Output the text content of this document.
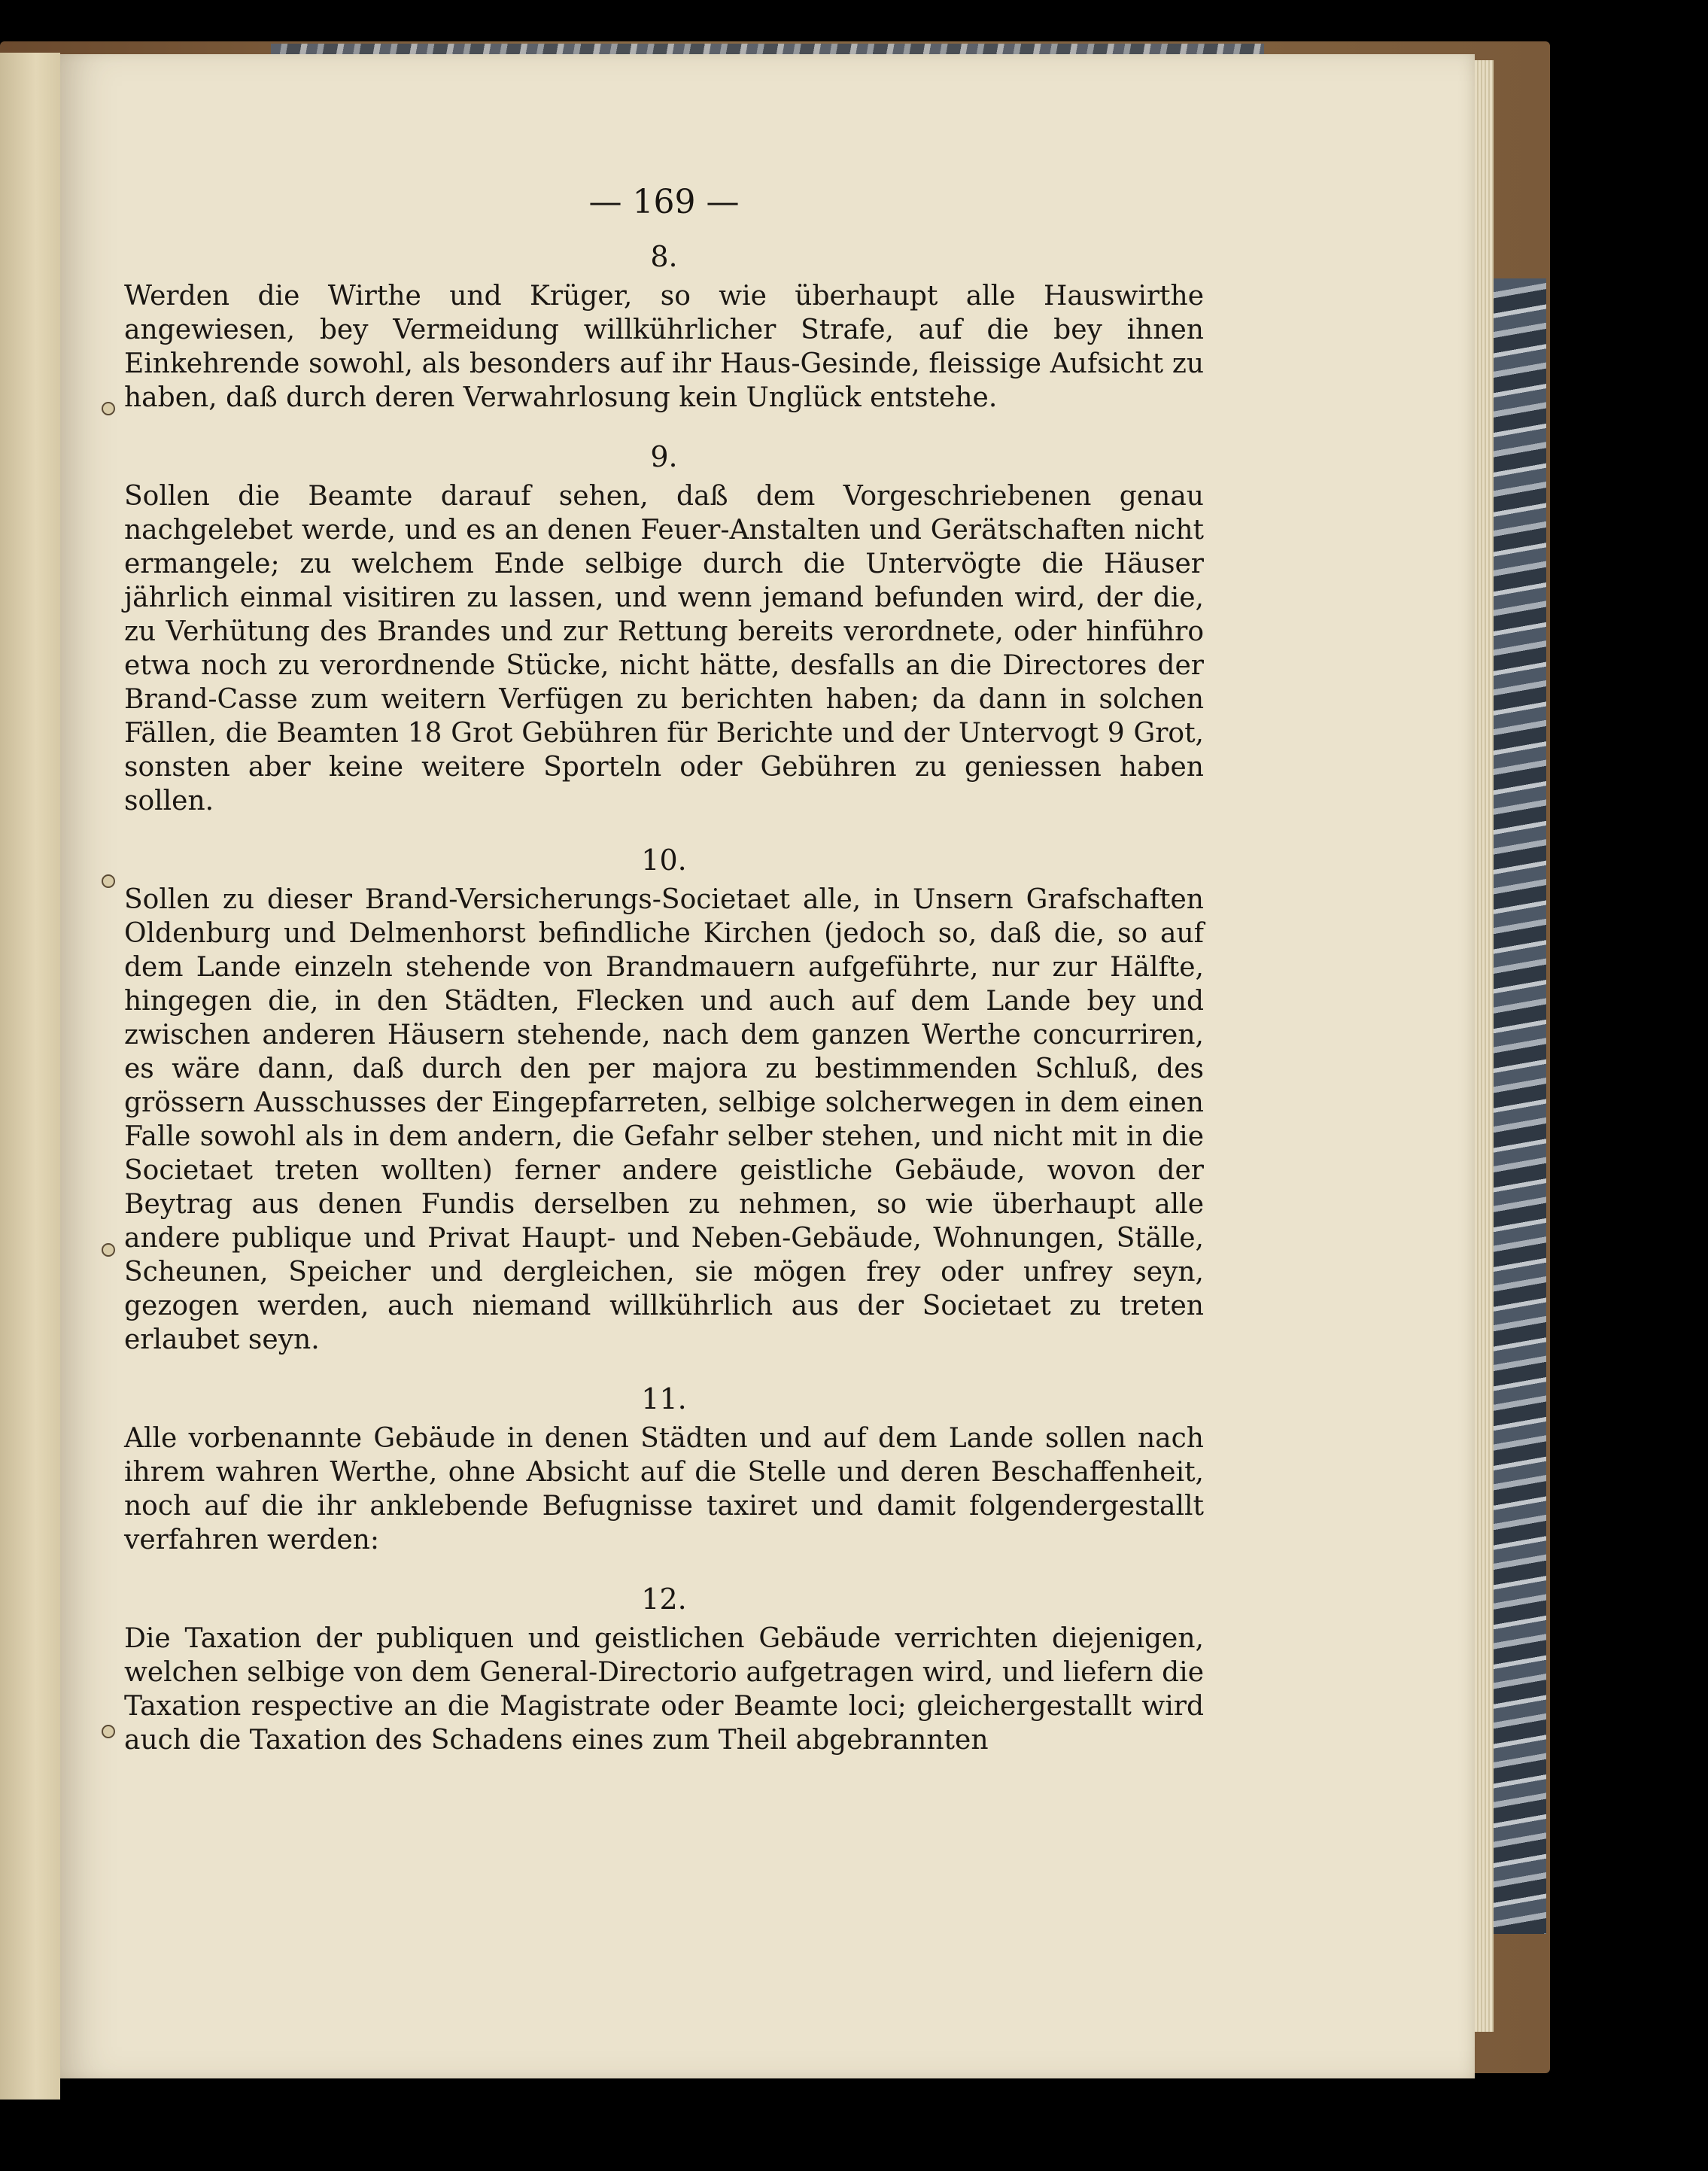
— 169 —
8.

Werden die Wirthe und Krüger, so wie überhaupt alle Hauswirthe angewiesen, bey Vermeidung willkührlicher Strafe, auf die bey ihnen Einkehrende sowohl, als besonders auf ihr Haus-Gesinde, fleissige Aufsicht zu haben, daß durch deren Verwahrlosung kein Unglück entstehe.

9.

Sollen die Beamte darauf sehen, daß dem Vorgeschriebenen genau nachgelebet werde, und es an denen Feuer-Anstalten und Gerätschaften nicht ermangele; zu welchem Ende selbige durch die Untervögte die Häuser jährlich einmal visitiren zu lassen, und wenn jemand befunden wird, der die, zu Verhütung des Brandes und zur Rettung bereits verordnete, oder hinführo etwa noch zu verordnende Stücke, nicht hätte, desfalls an die Directores der Brand-Casse zum weitern Verfügen zu berichten haben; da dann in solchen Fällen, die Beamten 18 Grot Gebühren für Berichte und der Untervogt 9 Grot, sonsten aber keine weitere Sporteln oder Gebühren zu geniessen haben sollen.

10.

Sollen zu dieser Brand-Versicherungs-Societaet alle, in Unsern Grafschaften Oldenburg und Delmenhorst befindliche Kirchen (jedoch so, daß die, so auf dem Lande einzeln stehende von Brandmauern aufgeführte, nur zur Hälfte, hingegen die, in den Städten, Flecken und auch auf dem Lande bey und zwischen anderen Häusern stehende, nach dem ganzen Werthe concurriren, es wäre dann, daß durch den per majora zu bestimmenden Schluß, des grössern Ausschusses der Eingepfarreten, selbige solcherwegen in dem einen Falle sowohl als in dem andern, die Gefahr selber stehen, und nicht mit in die Societaet treten wollten) ferner andere geistliche Gebäude, wovon der Beytrag aus denen Fundis derselben zu nehmen, so wie überhaupt alle andere publique und Privat Haupt- und Neben-Gebäude, Wohnungen, Ställe, Scheunen, Speicher und dergleichen, sie mögen frey oder unfrey seyn, gezogen werden, auch niemand willkührlich aus der Societaet zu treten erlaubet seyn.

11.

Alle vorbenannte Gebäude in denen Städten und auf dem Lande sollen nach ihrem wahren Werthe, ohne Absicht auf die Stelle und deren Beschaffenheit, noch auf die ihr anklebende Befugnisse taxiret und damit folgendergestallt verfahren werden:

12.

Die Taxation der publiquen und geistlichen Gebäude verrichten diejenigen, welchen selbige von dem General-Directorio aufgetragen wird, und liefern die Taxation respective an die Magistrate oder Beamte loci; gleichergestallt wird auch die Taxation des Schadens eines zum Theil abgebrannten
